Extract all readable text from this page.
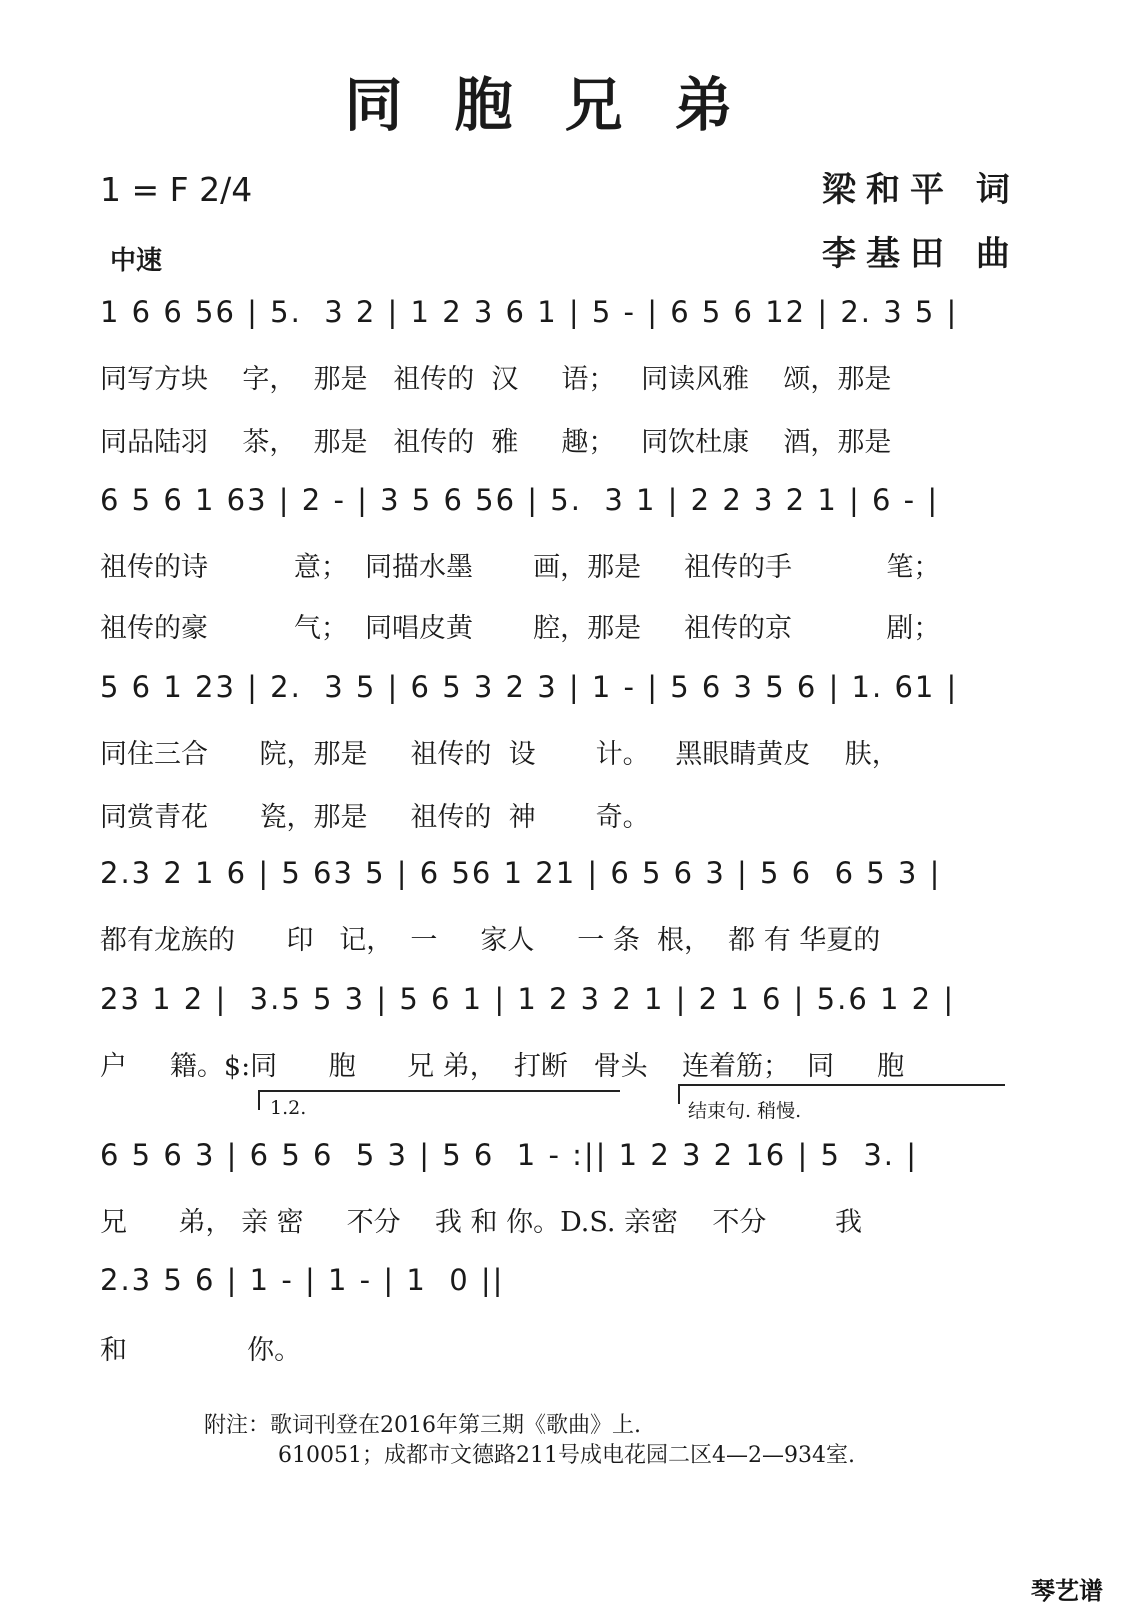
同胞兄弟
1 = F 2/4
中速
梁和平 词
李基田 曲
1 6 6 56 | 5.  3 2 | 1 2 3 6 1 | 5 - | 6 5 6 12 | 2. 3 5 |
同写方块    字，  那是   祖传的  汉     语；   同读风雅    颂，那是
同品陆羽    茶，  那是   祖传的  雅     趣；   同饮杜康    酒，那是
6 5 6 1 63 | 2 - | 3 5 6 56 | 5.  3 1 | 2 2 3 2 1 | 6 - |
祖传的诗          意；  同描水墨       画，那是     祖传的手           笔；
祖传的豪          气；  同唱皮黄       腔，那是     祖传的京           剧；
5 6 1 23 | 2.  3 5 | 6 5 3 2 3 | 1 - | 5 6 3 5 6 | 1. 61 |
同住三合      院，那是     祖传的  设       计。   黑眼睛黄皮    肤，
同赏青花      瓷，那是     祖传的  神       奇。
2.3 2 1 6 | 5 63 5 | 6 56 1 21 | 6 5 6 3 | 5 6  6 5 3 |
都有龙族的      印   记，  一     家人     一 条  根，  都 有 华夏的
23 1 2 |  3.5 5 3 | 5 6 1 | 1 2 3 2 1 | 2 1 6 | 5.6 1 2 |
户     籍。$:同      胞      兄 弟，  打断   骨头    连着筋；  同     胞
1.2.	结束句. 稍慢.
6 5 6 3 | 6 5 6  5 3 | 5 6  1 - :|| 1 2 3 2 16 | 5  3. |
兄      弟， 亲 密     不分    我 和 你。D.S. 亲密    不分        我
2.3 5 6 | 1 - | 1 - | 1  0 ||
和              你。
附注：歌词刊登在2016年第三期《歌曲》上.
610051；成都市文德路211号成电花园二区4—2—934室.
琴艺谱
